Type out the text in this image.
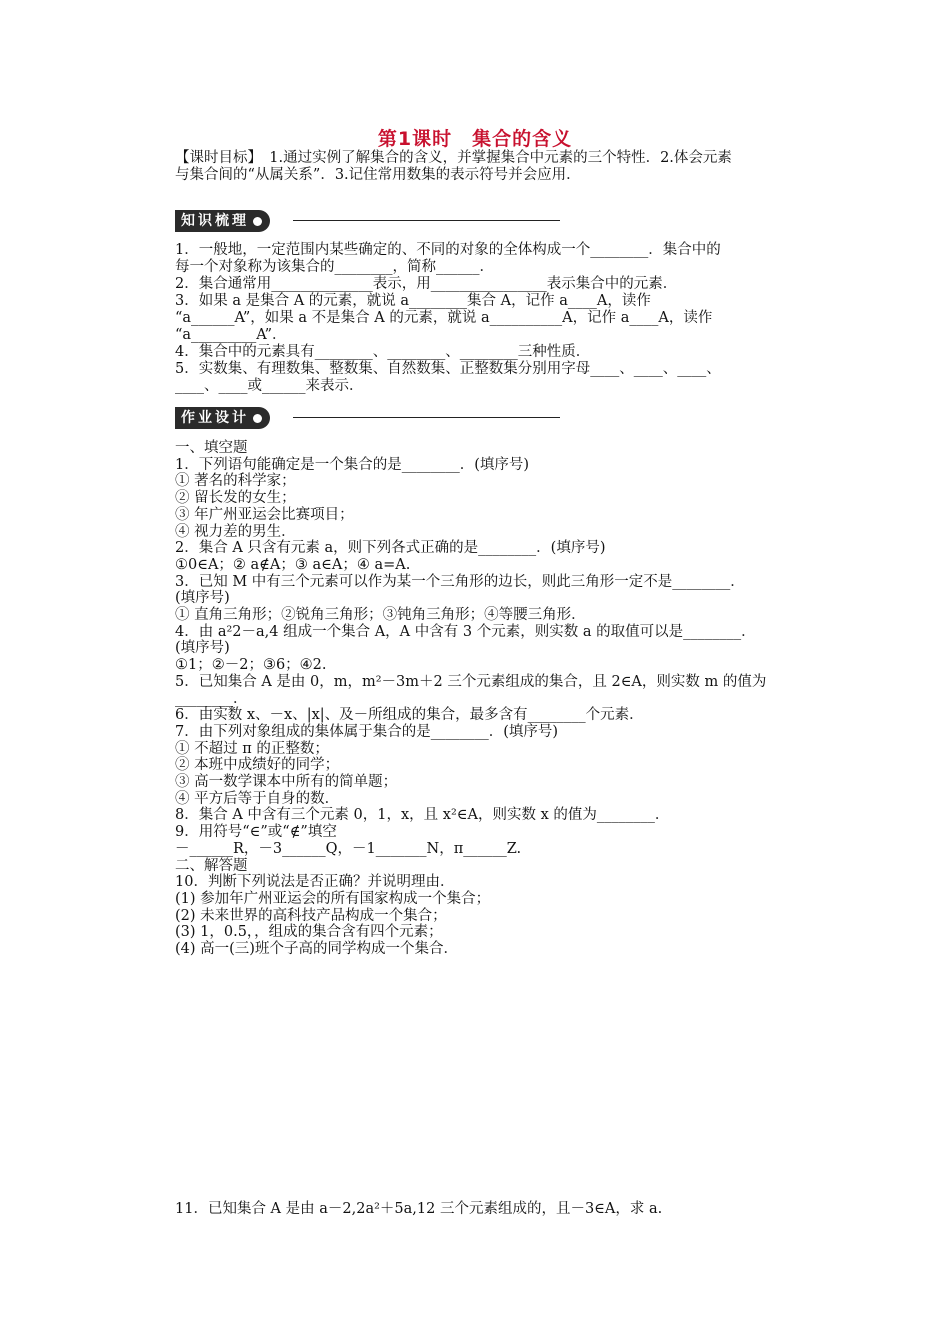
第1课时　集合的含义
【课时目标】　1.通过实例了解集合的含义，并掌握集合中元素的三个特性．2.体会元素
与集合间的“从属关系”．3.记住常用数集的表示符号并会应用．
知识梳理
1．一般地，一定范围内某些确定的、不同的对象的全体构成一个________．集合中的
每一个对象称为该集合的________，简称______．
2．集合通常用______________表示，用________________表示集合中的元素．
3．如果 a 是集合 A 的元素，就说 a________集合 A，记作 a____A，读作
“a______A”，如果 a 不是集合 A 的元素，就说 a__________A，记作 a____A，读作
“a_________A”．
4．集合中的元素具有________、________、________三种性质．
5．实数集、有理数集、整数集、自然数集、正整数集分别用字母____、____、____、
____、____或______来表示．
作业设计
一、填空题
1．下列语句能确定是一个集合的是________．(填序号)
① 著名的科学家；
② 留长发的女生；
③ 年广州亚运会比赛项目；
④ 视力差的男生．
2．集合 A 只含有元素 a，则下列各式正确的是________．(填序号)
①0∈A；② a∉A；③ a∈A；④ a=A.
3．已知 M 中有三个元素可以作为某一个三角形的边长，则此三角形一定不是________．
(填序号)
① 直角三角形；②锐角三角形；③钝角三角形；④等腰三角形．
4．由 a²2－a,4 组成一个集合 A，A 中含有 3 个元素，则实数 a 的取值可以是________．
(填序号)
①1；②－2；③6；④2.
5．已知集合 A 是由 0，m，m²－3m＋2 三个元素组成的集合，且 2∈A，则实数 m 的值为
________．
6．由实数 x、－x、|x|、及－所组成的集合，最多含有________个元素．
7．由下列对象组成的集体属于集合的是________．(填序号)
① 不超过 π 的正整数；
② 本班中成绩好的同学；
③ 高一数学课本中所有的简单题；
④ 平方后等于自身的数．
8．集合 A 中含有三个元素 0，1，x，且 x²∈A，则实数 x 的值为________．
9．用符号“∈”或“∉”填空
－______R，－3______Q，－1_______N，π______Z.
二、解答题
10．判断下列说法是否正确？并说明理由．
(1) 参加年广州亚运会的所有国家构成一个集合；
(2) 未来世界的高科技产品构成一个集合；
(3) 1，0.5，，组成的集合含有四个元素；
(4) 高一(三)班个子高的同学构成一个集合．
11．已知集合 A 是由 a－2,2a²＋5a,12 三个元素组成的，且－3∈A，求 a.
